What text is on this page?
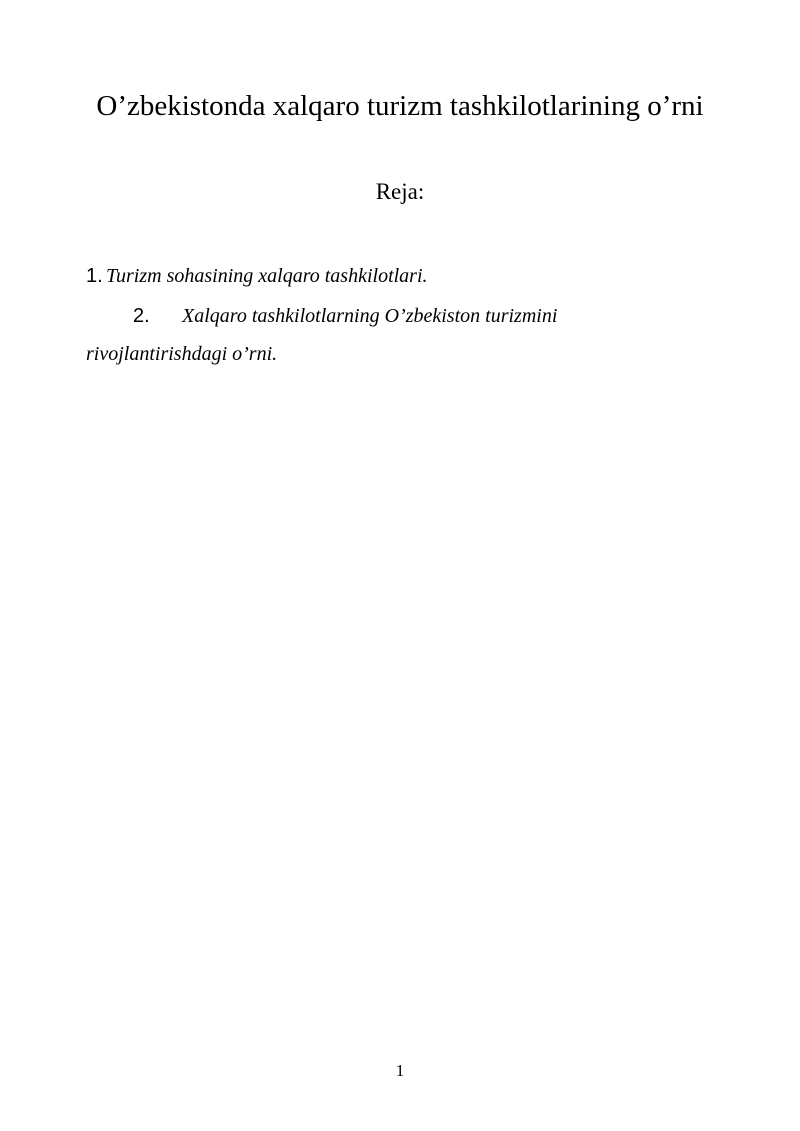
O’zbekistonda xalqaro turizm tashkilotlarining o’rni
Reja:
1. Turizm sohasining xalqaro tashkilotlari.
2. Xalqaro tashkilotlarning O’zbekiston turizmini
rivojlantirishdagi o’rni.
1
